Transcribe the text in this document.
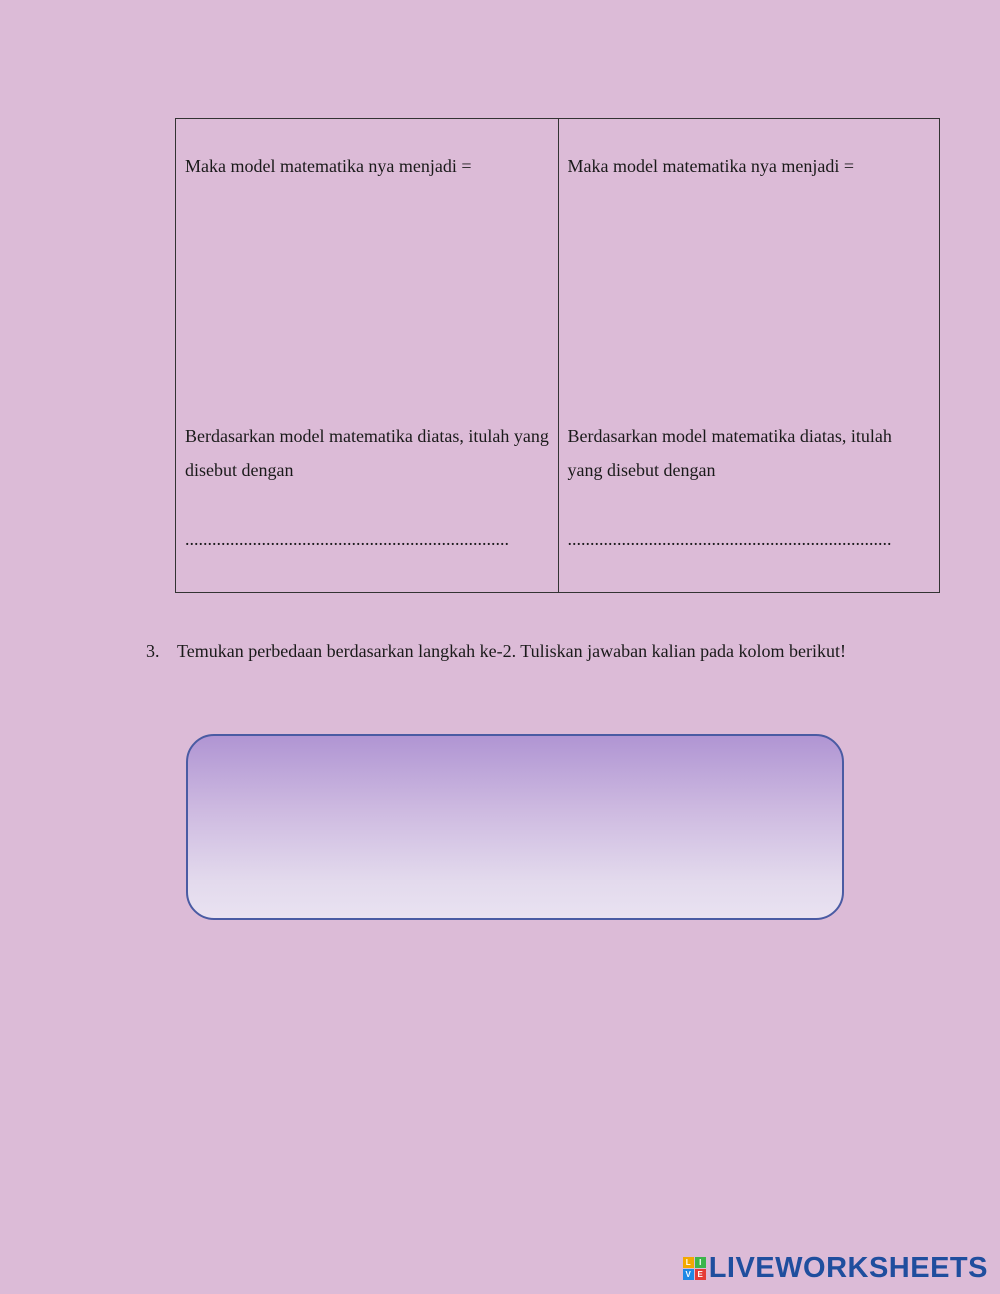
Maka model matematika nya menjadi =

Berdasarkan model matematika diatas, itulah yang disebut dengan

........................................................................

Maka model matematika nya menjadi =

Berdasarkan model matematika diatas, itulah yang disebut dengan

........................................................................

3. Temukan perbedaan berdasarkan langkah ke-2. Tuliskan jawaban kalian pada kolom berikut!
L	I
V E LIVEWORKSHEETS
